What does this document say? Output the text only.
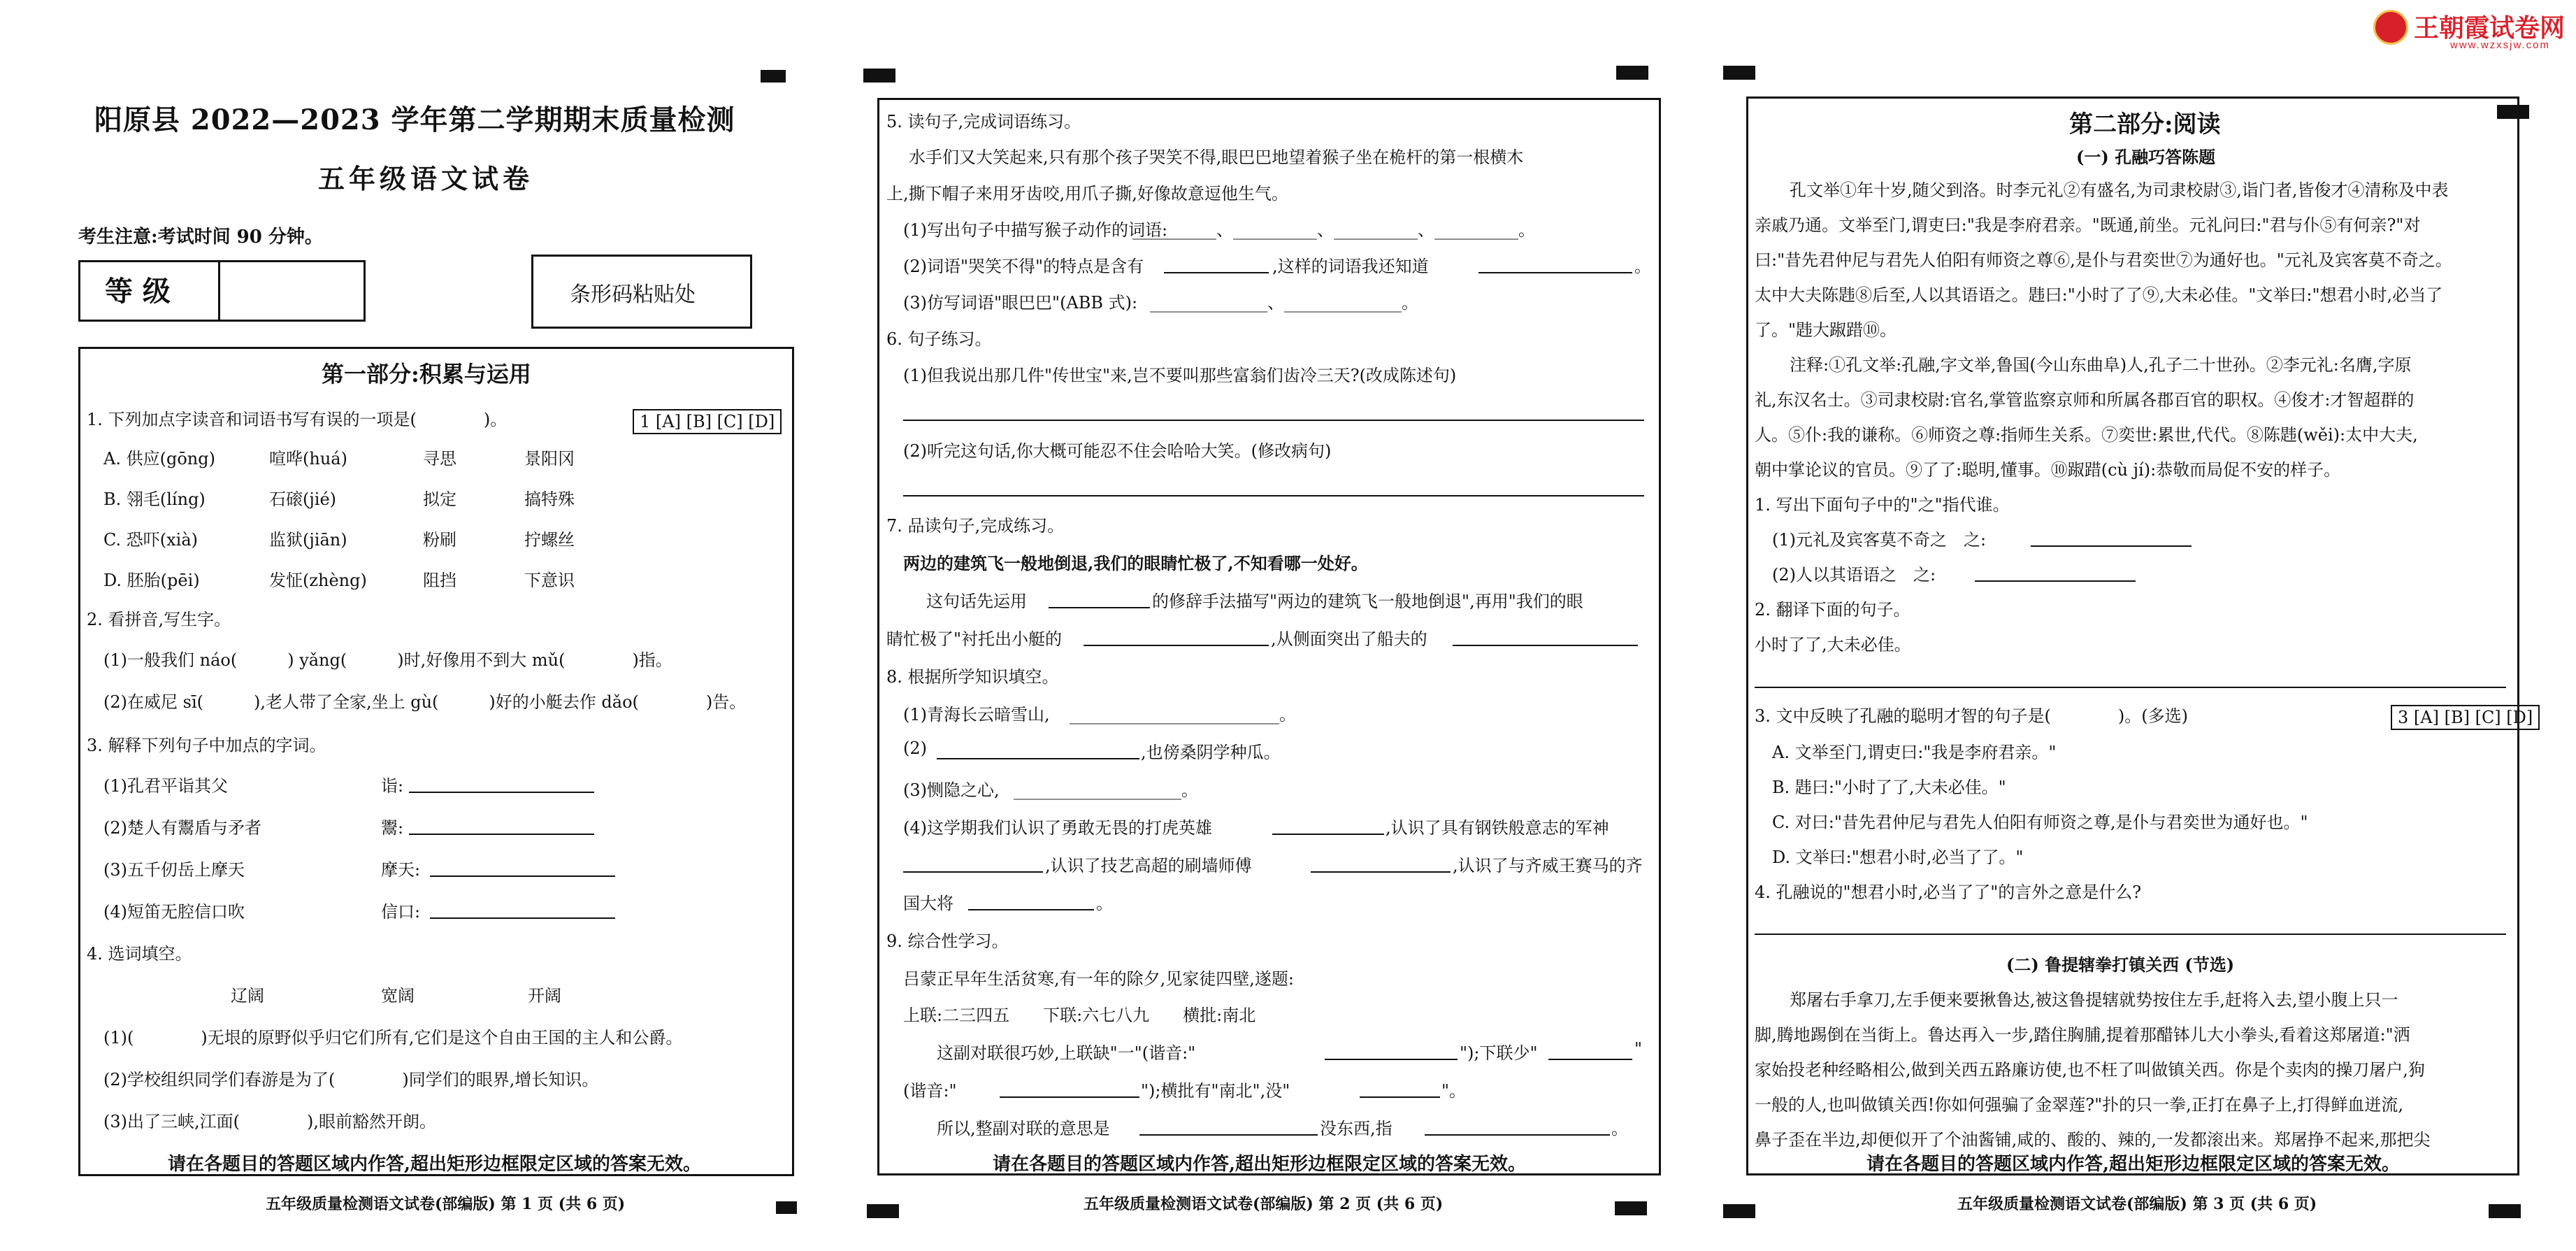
阳原县 2022—2023 学年第二学期期末质量检测
五年级语文试卷
考生注意:考试时间 90 分钟。
等 级	条形码粘贴处
第一部分:积累与运用
1. 下列加点字读音和词语书写有误的一项是(　　　　)。	1 [A] [B] [C] [D]
A. 供应(gōng)	喧哗(huá)	寻思	景阳冈
B. 翎毛(líng)	石磙(jié)	拟定	搞特殊
C. 恐吓(xià)	监狱(jiān)	粉刷	拧螺丝
D. 胚胎(pēi)	发怔(zhèng)	阻挡	下意识
2. 看拼音,写生字。
(1)一般我们 náo(　　　) yǎng(　　　)时,好像用不到大 mǔ(　　　　)指。
(2)在威尼 sī(　　　),老人带了全家,坐上 gù(　　　)好的小艇去作 dǎo(　　　　)告。
3. 解释下列句子中加点的字词。
(1)孔君平诣其父	诣:
(2)楚人有鬻盾与矛者	鬻:
(3)五千仞岳上摩天	摩天:
(4)短笛无腔信口吹	信口:
4. 选词填空。
辽阔	宽阔	开阔
(1)(　　　　)无垠的原野似乎归它们所有,它们是这个自由王国的主人和公爵。
(2)学校组织同学们春游是为了(　　　　)同学们的眼界,增长知识。
(3)出了三峡,江面(　　　　),眼前豁然开朗。
请在各题目的答题区域内作答,超出矩形边框限定区域的答案无效。
五年级质量检测语文试卷(部编版) 第 1 页 (共 6 页)
5. 读句子,完成词语练习。
水手们又大笑起来,只有那个孩子哭笑不得,眼巴巴地望着猴子坐在桅杆的第一根横木
上,撕下帽子来用牙齿咬,用爪子撕,好像故意逗他生气。
(1)写出句子中描写猴子动作的词语:
__________、__________、__________、__________。
(2)词语"哭笑不得"的特点是含有	,这样的词语我还知道	。
(3)仿写词语"眼巴巴"(ABB 式): ______________、______________。
6. 句子练习。
(1)但我说出那几件"传世宝"来,岂不要叫那些富翁们齿冷三天?(改成陈述句)
(2)听完这句话,你大概可能忍不住会哈哈大笑。(修改病句)
7. 品读句子,完成练习。
两边的建筑飞一般地倒退,我们的眼睛忙极了,不知看哪一处好。
这句话先运用	的修辞手法描写"两边的建筑飞一般地倒退",再用"我们的眼
睛忙极了"衬托出小艇的	,从侧面突出了船夫的
8. 根据所学知识填空。
(1)青海长云暗雪山, _________________________。
(2)	,也傍桑阴学种瓜。
(3)恻隐之心, ____________________。
(4)这学期我们认识了勇敢无畏的打虎英雄	,认识了具有钢铁般意志的军神
,认识了技艺高超的刷墙师傅	,认识了与齐威王赛马的齐
国大将	。
9. 综合性学习。
吕蒙正早年生活贫寒,有一年的除夕,见家徒四壁,遂题:
上联:二三四五　　下联:六七八九　　横批:南北
这副对联很巧妙,上联缺"一"(谐音:"	");下联少"	"
(谐音:"	");横批有"南北",没"	"。
所以,整副对联的意思是	没东西,指	。
请在各题目的答题区域内作答,超出矩形边框限定区域的答案无效。
五年级质量检测语文试卷(部编版) 第 2 页 (共 6 页)
王朝霞试卷网
www.wzxsjw.com
第二部分:阅读
(一) 孔融巧答陈题
孔文举①年十岁,随父到洛。时李元礼②有盛名,为司隶校尉③,诣门者,皆俊才④清称及中表
亲戚乃通。文举至门,谓吏曰:"我是李府君亲。"既通,前坐。元礼问曰:"君与仆⑤有何亲?"对
曰:"昔先君仲尼与君先人伯阳有师资之尊⑥,是仆与君奕世⑦为通好也。"元礼及宾客莫不奇之。
太中大夫陈韪⑧后至,人以其语语之。韪曰:"小时了了⑨,大未必佳。"文举曰:"想君小时,必当了
了。"韪大踧踖⑩。
注释:①孔文举:孔融,字文举,鲁国(今山东曲阜)人,孔子二十世孙。②李元礼:名膺,字原
礼,东汉名士。③司隶校尉:官名,掌管监察京师和所属各郡百官的职权。④俊才:才智超群的
人。⑤仆:我的谦称。⑥师资之尊:指师生关系。⑦奕世:累世,代代。⑧陈韪(wěi):太中大夫,
朝中掌论议的官员。⑨了了:聪明,懂事。⑩踧踖(cù jí):恭敬而局促不安的样子。
1. 写出下面句子中的"之"指代谁。
(1)元礼及宾客莫不奇之　之:
(2)人以其语语之　之:
2. 翻译下面的句子。
小时了了,大未必佳。
3. 文中反映了孔融的聪明才智的句子是(　　　　)。(多选)	3 [A] [B] [C] [D]
A. 文举至门,谓吏曰:"我是李府君亲。"
B. 韪曰:"小时了了,大未必佳。"
C. 对曰:"昔先君仲尼与君先人伯阳有师资之尊,是仆与君奕世为通好也。"
D. 文举曰:"想君小时,必当了了。"
4. 孔融说的"想君小时,必当了了"的言外之意是什么?
(二) 鲁提辖拳打镇关西 (节选)
郑屠右手拿刀,左手便来要揪鲁达,被这鲁提辖就势按住左手,赶将入去,望小腹上只一
脚,腾地踢倒在当街上。鲁达再入一步,踏住胸脯,提着那醋钵儿大小拳头,看着这郑屠道:"洒
家始投老种经略相公,做到关西五路廉访使,也不枉了叫做镇关西。你是个卖肉的操刀屠户,狗
一般的人,也叫做镇关西!你如何强骗了金翠莲?"扑的只一拳,正打在鼻子上,打得鲜血迸流,
鼻子歪在半边,却便似开了个油酱铺,咸的、酸的、辣的,一发都滚出来。郑屠挣不起来,那把尖
请在各题目的答题区域内作答,超出矩形边框限定区域的答案无效。
五年级质量检测语文试卷(部编版) 第 3 页 (共 6 页)
